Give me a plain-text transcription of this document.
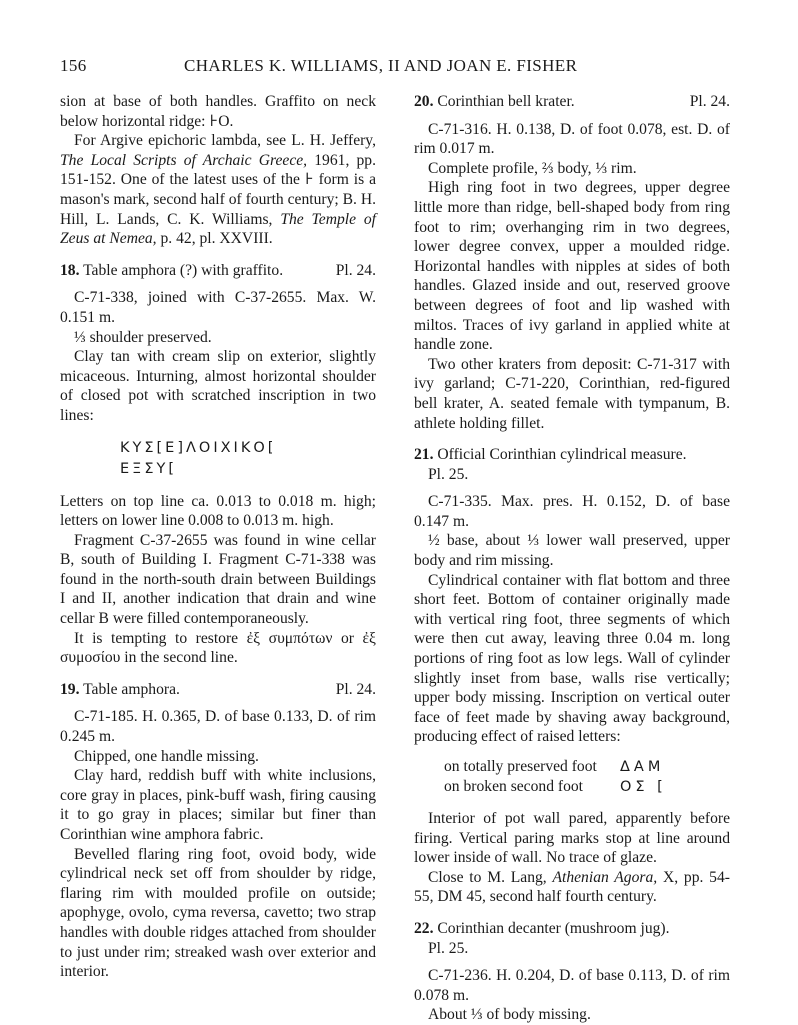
156	CHARLES K. WILLIAMS, II AND JOAN E. FISHER

sion at base of both handles. Graffito on neck below horizontal ridge: ⊦O.

For Argive epichoric lambda, see L. H. Jeffery, The Local Scripts of Archaic Greece, 1961, pp. 151-152. One of the latest uses of the ⊦ form is a mason's mark, second half of fourth century; B. H. Hill, L. Lands, C. K. Williams, The Temple of Zeus at Nemea, p. 42, pl. XXVIII.

18. Table amphora (?) with graffito.	Pl. 24.

C-71-338, joined with C-37-2655. Max. W. 0.151 m.

⅓ shoulder preserved.

Clay tan with cream slip on exterior, slightly micaceous. Inturning, almost horizontal shoulder of closed pot with scratched inscription in two lines:

ΚΥΣ[Ε]ΛΟΙΧΙΚΟ[
ΕΞΣΥ[

Letters on top line ca. 0.013 to 0.018 m. high; letters on lower line 0.008 to 0.013 m. high.

Fragment C-37-2655 was found in wine cellar B, south of Building I. Fragment C-71-338 was found in the north-south drain between Buildings I and II, another indication that drain and wine cellar B were filled contemporaneously.

It is tempting to restore ἐξ συμπότων or ἐξ συμοσίου in the second line.

19. Table amphora.	Pl. 24.

C-71-185. H. 0.365, D. of base 0.133, D. of rim 0.245 m.

Chipped, one handle missing.

Clay hard, reddish buff with white inclusions, core gray in places, pink-buff wash, firing causing it to go gray in places; similar but finer than Corinthian wine amphora fabric.

Bevelled flaring ring foot, ovoid body, wide cylindrical neck set off from shoulder by ridge, flaring rim with moulded profile on outside; apophyge, ovolo, cyma reversa, cavetto; two strap handles with double ridges attached from shoulder to just under rim; streaked wash over exterior and interior.

20. Corinthian bell krater.	Pl. 24.

C-71-316. H. 0.138, D. of foot 0.078, est. D. of rim 0.017 m.

Complete profile, ⅔ body, ⅓ rim.

High ring foot in two degrees, upper degree little more than ridge, bell-shaped body from ring foot to rim; overhanging rim in two degrees, lower degree convex, upper a moulded ridge. Horizontal handles with nipples at sides of both handles. Glazed inside and out, reserved groove between degrees of foot and lip washed with miltos. Traces of ivy garland in applied white at handle zone.

Two other kraters from deposit: C-71-317 with ivy garland; C-71-220, Corinthian, red-figured bell krater, A. seated female with tympanum, B. athlete holding fillet.

21. Official Corinthian cylindrical measure.
Pl. 25.

C-71-335. Max. pres. H. 0.152, D. of base 0.147 m.

½ base, about ⅓ lower wall preserved, upper body and rim missing.

Cylindrical container with flat bottom and three short feet. Bottom of container originally made with vertical ring foot, three segments of which were then cut away, leaving three 0.04 m. long portions of ring foot as low legs. Wall of cylinder slightly inset from base, walls rise vertically; upper body missing. Inscription on vertical outer face of feet made by shaving away background, producing effect of raised letters:

on totally preserved foot	ΔΑΜ
on broken second foot	ΟΣ [

Interior of pot wall pared, apparently before firing. Vertical paring marks stop at line around lower inside of wall. No trace of glaze.

Close to M. Lang, Athenian Agora, X, pp. 54-55, DM 45, second half fourth century.

22. Corinthian decanter (mushroom jug).
Pl. 25.

C-71-236. H. 0.204, D. of base 0.113, D. of rim 0.078 m.

About ⅓ of body missing.
